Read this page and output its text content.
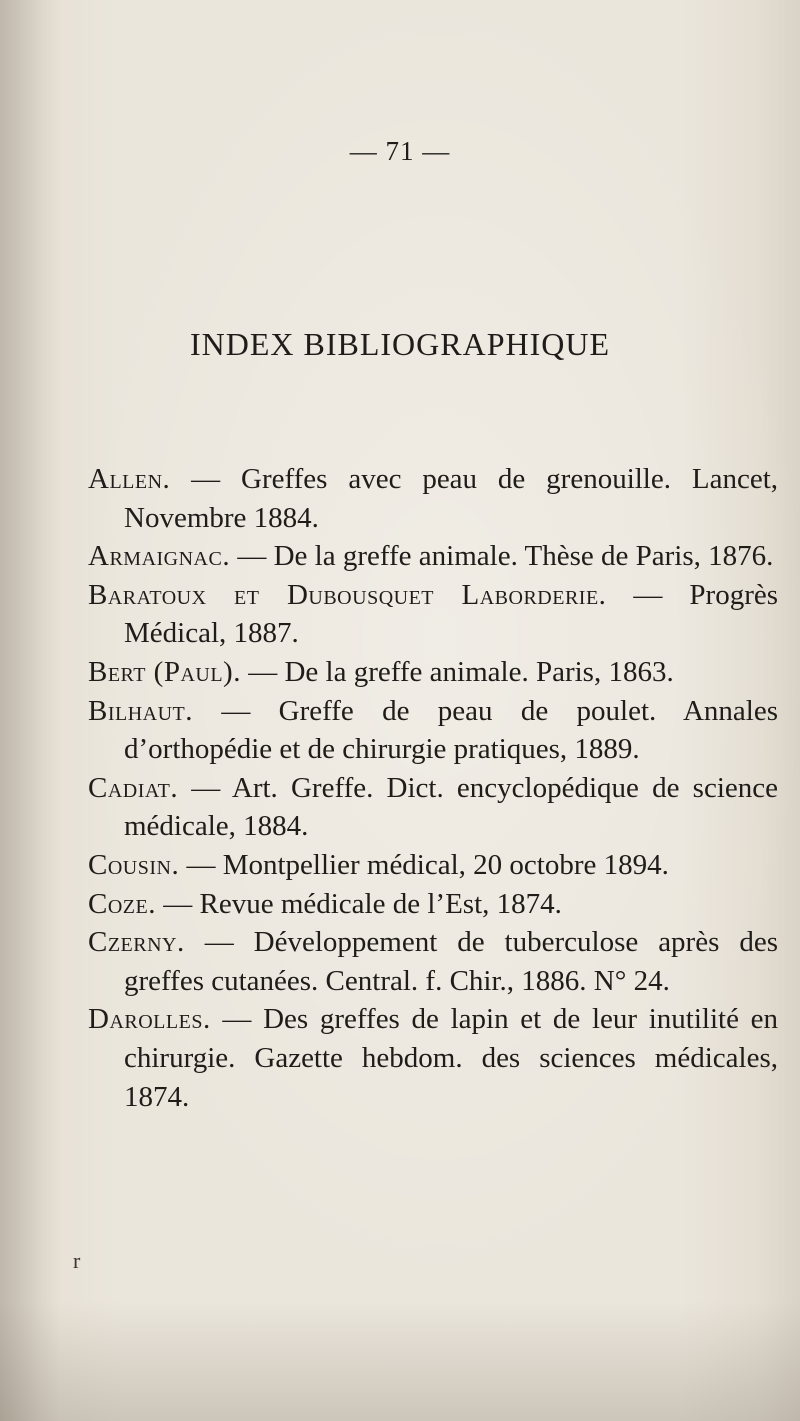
— 71 —
INDEX BIBLIOGRAPHIQUE
Allen. — Greffes avec peau de grenouille. Lancet, Novembre 1884.
Armaignac. — De la greffe animale. Thèse de Paris, 1876.
Baratoux et Dubousquet Laborderie. — Progrès Médical, 1887.
Bert (Paul). — De la greffe animale. Paris, 1863.
Bilhaut. — Greffe de peau de poulet. Annales d’orthopédie et de chirurgie pratiques, 1889.
Cadiat. — Art. Greffe. Dict. encyclopédique de science médicale, 1884.
Cousin. — Montpellier médical, 20 octobre 1894.
Coze. — Revue médicale de l’Est, 1874.
Czerny. — Développement de tuberculose après des greffes cutanées. Central. f. Chir., 1886. N° 24.
Darolles. — Des greffes de lapin et de leur inutilité en chirurgie. Gazette hebdom. des sciences médicales, 1874.
r
